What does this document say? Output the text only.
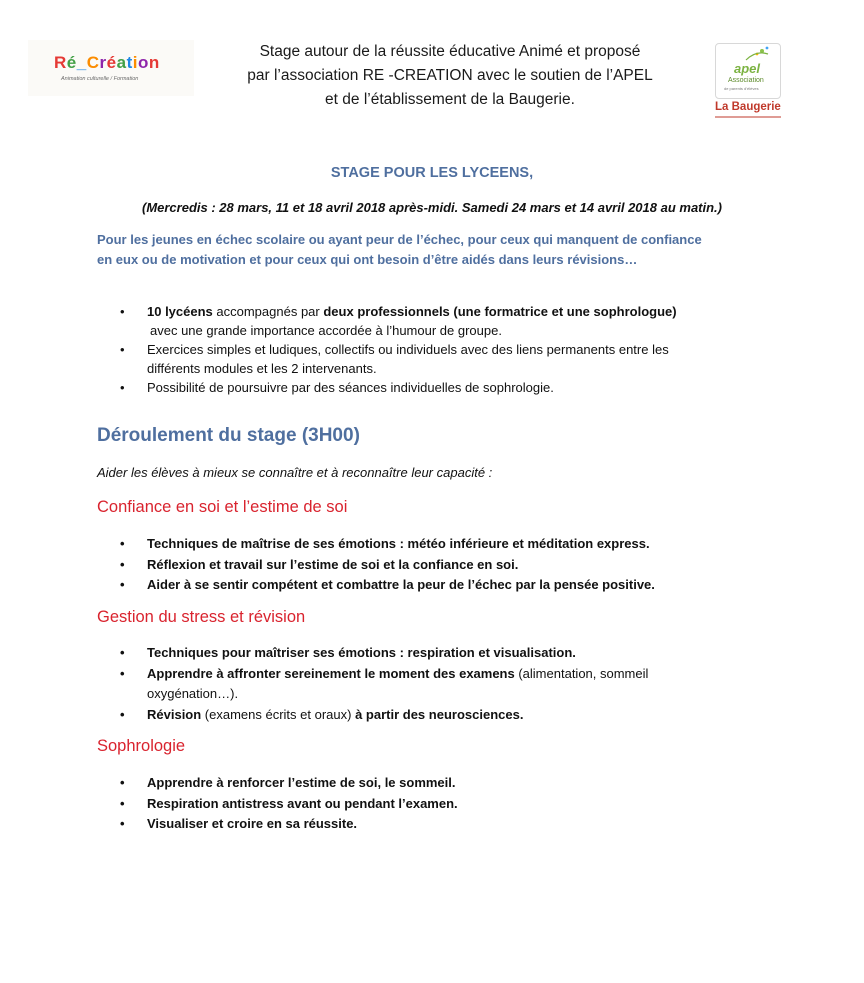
Ré_Création
Animation culturelle / Formation
Stage autour de la réussite éducative Animé et proposé
par l’association RE -CREATION avec le soutien de l’APEL
et de l’établissement de la Baugerie.
apel
Association
de parents d'élèves
La Baugerie
STAGE POUR LES LYCEENS,
(Mercredis : 28 mars, 11 et 18 avril 2018 après-midi. Samedi 24 mars et 14 avril 2018 au matin.)
Pour les jeunes en échec scolaire ou ayant peur de l’échec, pour ceux qui manquent de confiance
en eux ou de motivation et pour ceux qui ont besoin d’être aidés dans leurs révisions…
• 10 lycéens accompagnés par deux professionnels (une formatrice et une sophrologue)
avec une grande importance accordée à l’humour de groupe.
• Exercices simples et ludiques, collectifs ou individuels avec des liens permanents entre les
différents modules et les 2 intervenants.
• Possibilité de poursuivre par des séances individuelles de sophrologie.
Déroulement du stage (3H00)
Aider les élèves à mieux se connaître et à reconnaître leur capacité :
Confiance en soi et l’estime de soi
• Techniques de maîtrise de ses émotions : météo inférieure et méditation express.
• Réflexion et travail sur l’estime de soi et la confiance en soi.
• Aider à se sentir compétent et combattre la peur de l’échec par la pensée positive.
Gestion du stress et révision
• Techniques pour maîtriser ses émotions : respiration et visualisation.
• Apprendre à affronter sereinement le moment des examens (alimentation, sommeil
oxygénation…).
• Révision (examens écrits et oraux) à partir des neurosciences.
Sophrologie
• Apprendre à renforcer l’estime de soi, le sommeil.
• Respiration antistress avant ou pendant l’examen.
• Visualiser et croire en sa réussite.
